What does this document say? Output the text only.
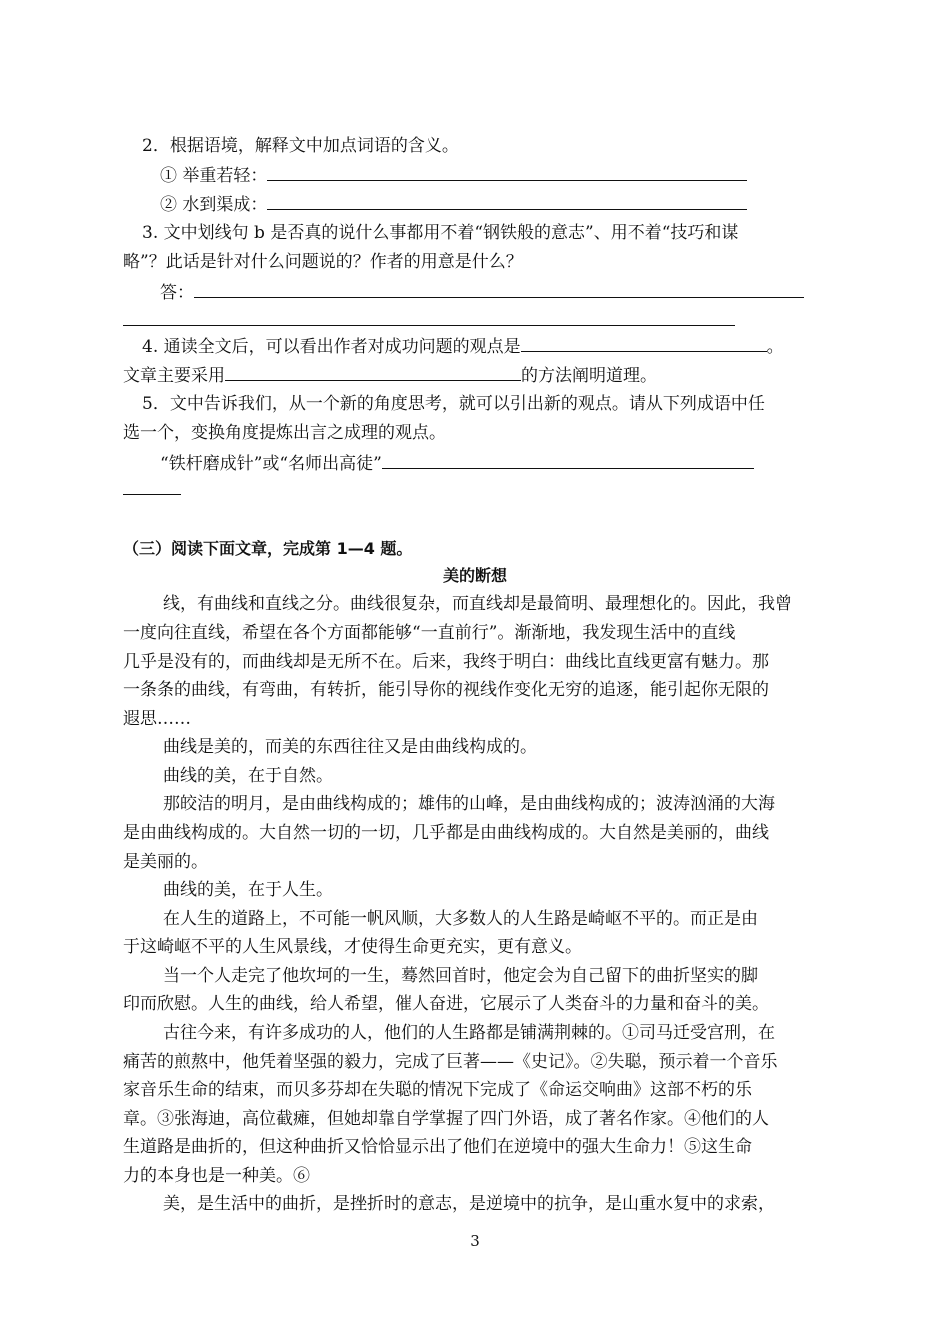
2．根据语境，解释文中加点词语的含义。
① 举重若轻：
② 水到渠成：
3. 文中划线句 b 是否真的说什么事都用不着“钢铁般的意志”、用不着“技巧和谋
略”？此话是针对什么问题说的？作者的用意是什么？
答：
4. 通读全文后，可以看出作者对成功问题的观点是	。
文章主要采用	的方法阐明道理。
5．文中告诉我们，从一个新的角度思考，就可以引出新的观点。请从下列成语中任
选一个，变换角度提炼出言之成理的观点。
“铁杆磨成针”或“名师出高徒”
（三）阅读下面文章，完成第 1—4 题。
美的断想
线，有曲线和直线之分。曲线很复杂，而直线却是最简明、最理想化的。因此，我曾
一度向往直线，希望在各个方面都能够“一直前行”。渐渐地，我发现生活中的直线
几乎是没有的，而曲线却是无所不在。后来，我终于明白：曲线比直线更富有魅力。那
一条条的曲线，有弯曲，有转折，能引导你的视线作变化无穷的追逐，能引起你无限的
遐思……
曲线是美的，而美的东西往往又是由曲线构成的。
曲线的美，在于自然。
那皎洁的明月，是由曲线构成的；雄伟的山峰，是由曲线构成的；波涛汹涌的大海
是由曲线构成的。大自然一切的一切，几乎都是由曲线构成的。大自然是美丽的，曲线
是美丽的。
曲线的美，在于人生。
在人生的道路上，不可能一帆风顺，大多数人的人生路是崎岖不平的。而正是由
于这崎岖不平的人生风景线，才使得生命更充实，更有意义。
当一个人走完了他坎坷的一生，蓦然回首时，他定会为自己留下的曲折坚实的脚
印而欣慰。人生的曲线，给人希望，催人奋进，它展示了人类奋斗的力量和奋斗的美。
古往今来，有许多成功的人，他们的人生路都是铺满荆棘的。①司马迁受宫刑，在
痛苦的煎熬中，他凭着坚强的毅力，完成了巨著——《史记》。②失聪，预示着一个音乐
家音乐生命的结束，而贝多芬却在失聪的情况下完成了《命运交响曲》这部不朽的乐
章。③张海迪，高位截瘫，但她却靠自学掌握了四门外语，成了著名作家。④他们的人
生道路是曲折的，但这种曲折又恰恰显示出了他们在逆境中的强大生命力！⑤这生命
力的本身也是一种美。⑥
美，是生活中的曲折，是挫折时的意志，是逆境中的抗争，是山重水复中的求索，
3
